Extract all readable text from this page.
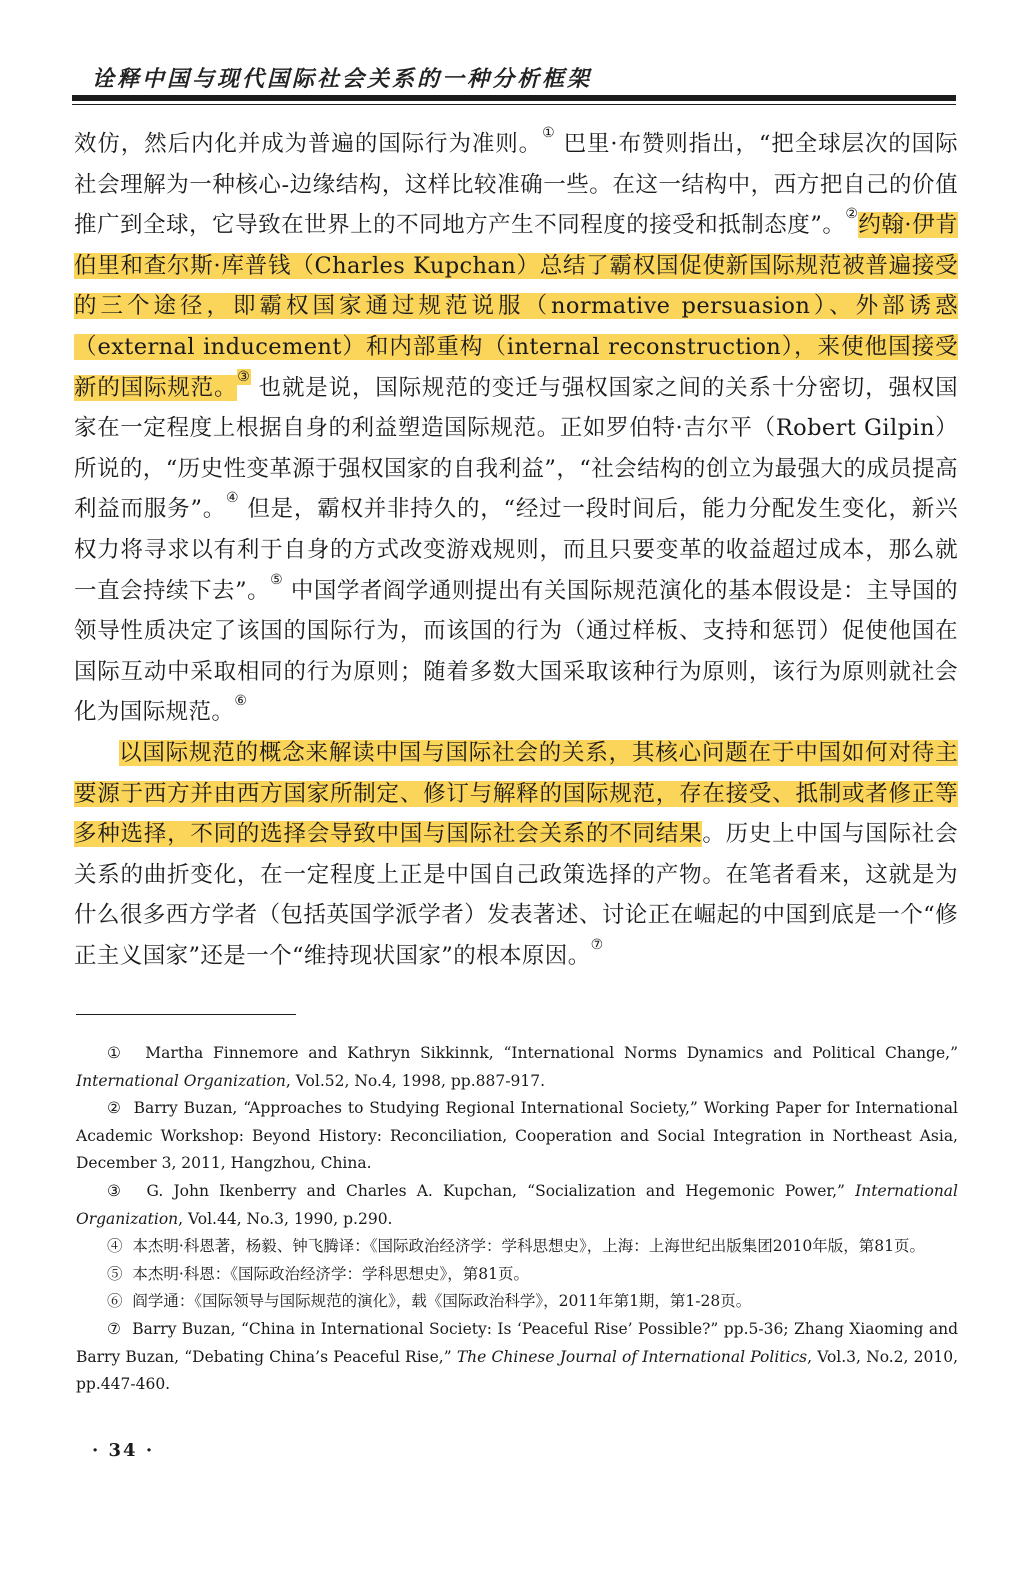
诠释中国与现代国际社会关系的一种分析框架

效仿，然后内化并成为普遍的国际行为准则。① 巴里·布赞则指出，“把全球层次的国际社会理解为一种核心-边缘结构，这样比较准确一些。在这一结构中，西方把自己的价值推广到全球，它导致在世界上的不同地方产生不同程度的接受和抵制态度”。②约翰·伊肯伯里和查尔斯·库普钱（Charles Kupchan）总结了霸权国促使新国际规范被普遍接受的三个途径，即霸权国家通过规范说服（normative persuasion）、外部诱惑（external inducement）和内部重构（internal reconstruction），来使他国接受新的国际规范。③ 也就是说，国际规范的变迁与强权国家之间的关系十分密切，强权国家在一定程度上根据自身的利益塑造国际规范。正如罗伯特·吉尔平（Robert Gilpin）所说的，“历史性变革源于强权国家的自我利益”，“社会结构的创立为最强大的成员提高利益而服务”。④ 但是，霸权并非持久的，“经过一段时间后，能力分配发生变化，新兴权力将寻求以有利于自身的方式改变游戏规则，而且只要变革的收益超过成本，那么就一直会持续下去”。⑤ 中国学者阎学通则提出有关国际规范演化的基本假设是：主导国的领导性质决定了该国的国际行为，而该国的行为（通过样板、支持和惩罚）促使他国在国际互动中采取相同的行为原则；随着多数大国采取该种行为原则，该行为原则就社会化为国际规范。⑥

以国际规范的概念来解读中国与国际社会的关系，其核心问题在于中国如何对待主要源于西方并由西方国家所制定、修订与解释的国际规范，存在接受、抵制或者修正等多种选择，不同的选择会导致中国与国际社会关系的不同结果。历史上中国与国际社会关系的曲折变化，在一定程度上正是中国自己政策选择的产物。在笔者看来，这就是为什么很多西方学者（包括英国学派学者）发表著述、讨论正在崛起的中国到底是一个“修正主义国家”还是一个“维持现状国家”的根本原因。⑦

① Martha Finnemore and Kathryn Sikkinnk, “International Norms Dynamics and Political Change,” International Organization, Vol.52, No.4, 1998, pp.887-917.

② Barry Buzan, “Approaches to Studying Regional International Society,” Working Paper for International Academic Workshop: Beyond History: Reconciliation, Cooperation and Social Integration in Northeast Asia, December 3, 2011, Hangzhou, China.

③ G. John Ikenberry and Charles A. Kupchan, “Socialization and Hegemonic Power,” International Organization, Vol.44, No.3, 1990, p.290.

④ 本杰明·科恩著，杨毅、钟飞腾译：《国际政治经济学：学科思想史》，上海：上海世纪出版集团2010年版，第81页。

⑤ 本杰明·科恩：《国际政治经济学：学科思想史》，第81页。

⑥ 阎学通：《国际领导与国际规范的演化》，载《国际政治科学》，2011年第1期，第1-28页。

⑦ Barry Buzan, “China in International Society: Is ‘Peaceful Rise’ Possible?” pp.5-36; Zhang Xiaoming and Barry Buzan, “Debating China’s Peaceful Rise,” The Chinese Journal of International Politics, Vol.3, No.2, 2010, pp.447-460.

· 34 ·
